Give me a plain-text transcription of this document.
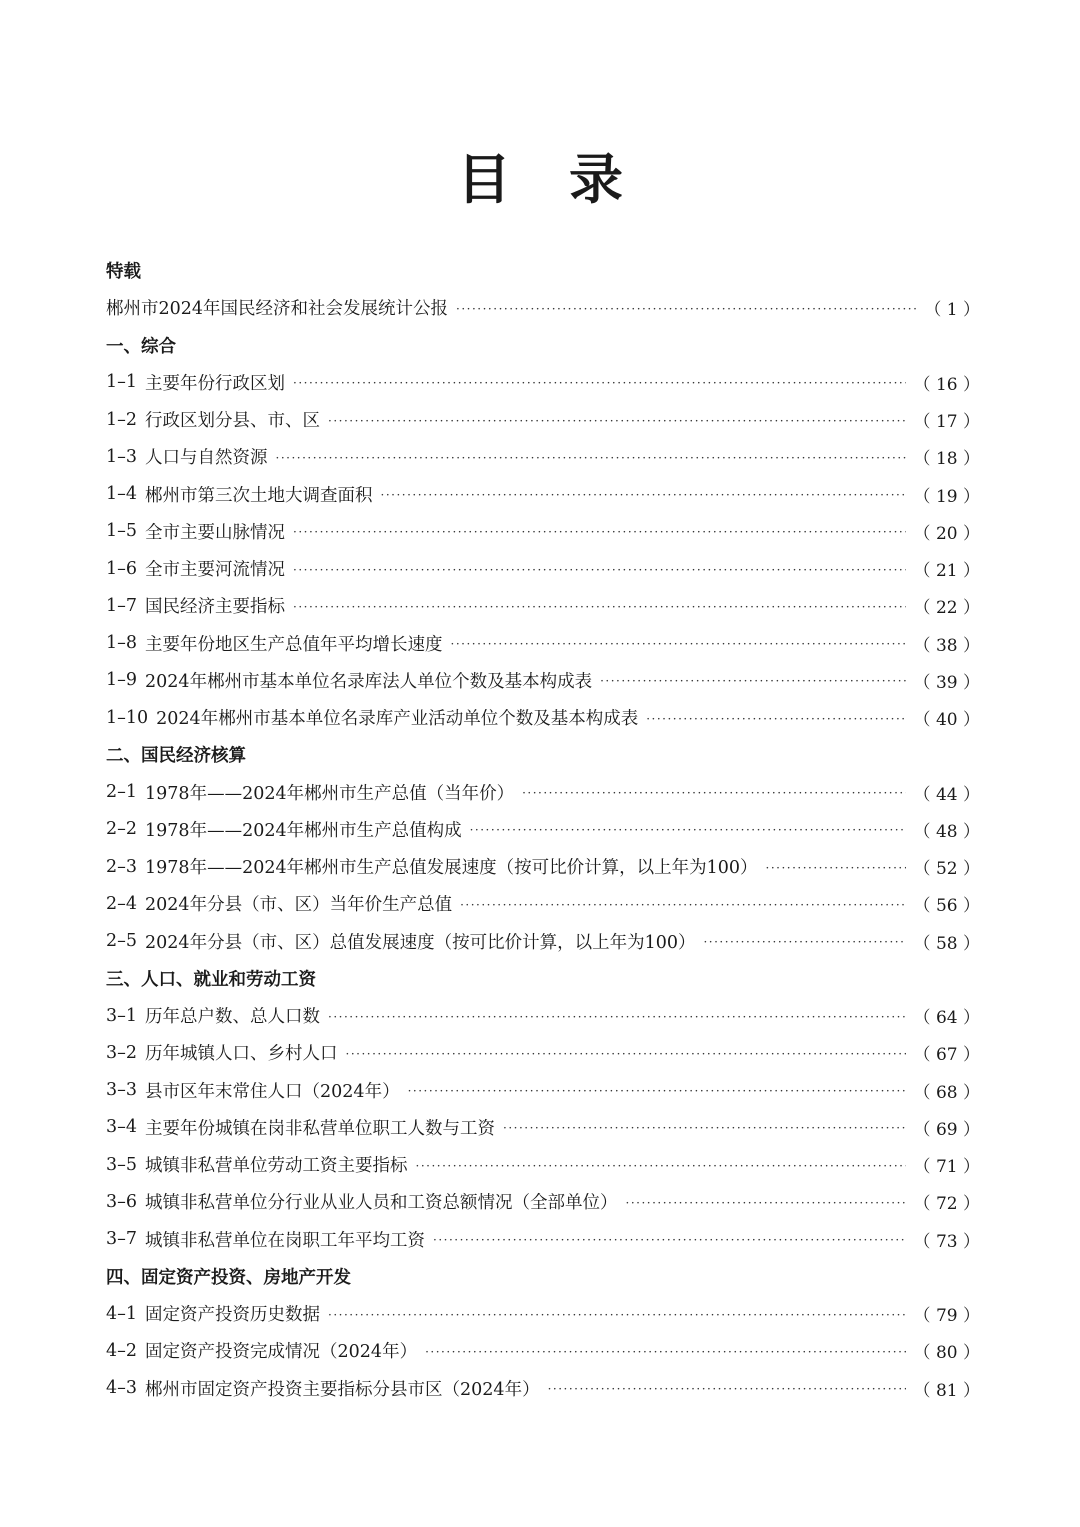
目 录
特载
郴州市2024年国民经济和社会发展统计公报 ·····	（ 1 ）
一、综合
1–1 主要年份行政区划 ·····	（ 16 ）
1–2 行政区划分县、市、区 ·····	（ 17 ）
1–3 人口与自然资源 ·····	（ 18 ）
1–4 郴州市第三次土地大调查面积 ·····	（ 19 ）
1–5 全市主要山脉情况 ·····	（ 20 ）
1–6 全市主要河流情况 ·····	（ 21 ）
1–7 国民经济主要指标 ·····	（ 22 ）
1–8 主要年份地区生产总值年平均增长速度 ·····	（ 38 ）
1–9 2024年郴州市基本单位名录库法人单位个数及基本构成表 ·····	（ 39 ）
1–10 2024年郴州市基本单位名录库产业活动单位个数及基本构成表 ·····	（ 40 ）
二、国民经济核算
2–1 1978年——2024年郴州市生产总值（当年价） ·····	（ 44 ）
2–2 1978年——2024年郴州市生产总值构成 ·····	（ 48 ）
2–3 1978年——2024年郴州市生产总值发展速度（按可比价计算，以上年为100） ·····	（ 52 ）
2–4 2024年分县（市、区）当年价生产总值 ·····	（ 56 ）
2–5 2024年分县（市、区）总值发展速度（按可比价计算，以上年为100） ·····	（ 58 ）
三、人口、就业和劳动工资
3–1 历年总户数、总人口数 ·····	（ 64 ）
3–2 历年城镇人口、乡村人口 ·····	（ 67 ）
3–3 县市区年末常住人口（2024年） ·····	（ 68 ）
3–4 主要年份城镇在岗非私营单位职工人数与工资 ·····	（ 69 ）
3–5 城镇非私营单位劳动工资主要指标 ·····	（ 71 ）
3–6 城镇非私营单位分行业从业人员和工资总额情况（全部单位） ·····	（ 72 ）
3–7 城镇非私营单位在岗职工年平均工资 ·····	（ 73 ）
四、固定资产投资、房地产开发
4–1 固定资产投资历史数据 ·····	（ 79 ）
4–2 固定资产投资完成情况（2024年） ·····	（ 80 ）
4–3 郴州市固定资产投资主要指标分县市区（2024年） ·····	（ 81 ）
